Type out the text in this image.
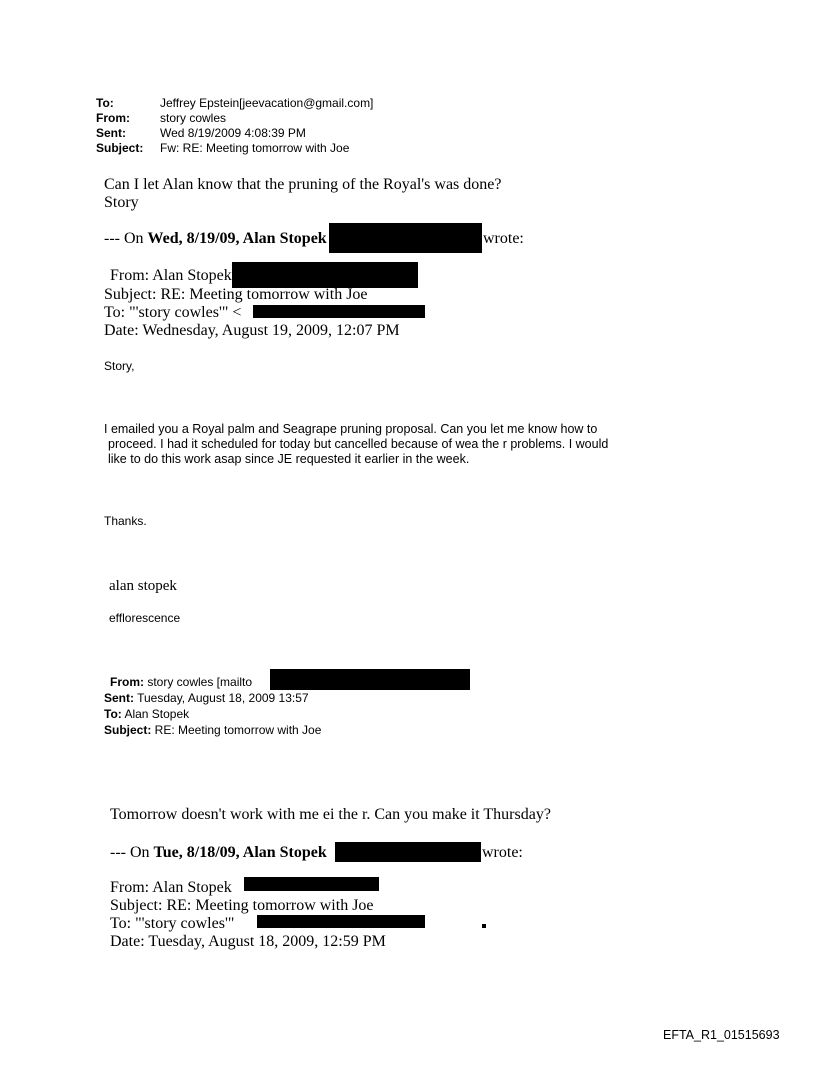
To:	Jeffrey Epstein[jeevacation@gmail.com]
From:	story cowles
Sent:	Wed 8/19/2009 4:08:39 PM
Subject: Fw: RE: Meeting tomorrow with Joe
Can I let Alan know that the pruning of the Royal's was done?
Story
--- On Wed, 8/19/09, Alan Stopek	wrote:
From: Alan Stopek
Subject: RE: Meeting tomorrow with Joe
To: "'story cowles'" <
Date: Wednesday, August 19, 2009, 12:07 PM
Story,
I emailed you a Royal palm and Seagrape pruning proposal. Can you let me know how to
proceed. I had it scheduled for today but cancelled because of wea the r problems. I would
like to do this work asap since JE requested it earlier in the week.
Thanks.
alan stopek
efflorescence
From: story cowles [mailto
Sent: Tuesday, August 18, 2009 13:57
To: Alan Stopek
Subject: RE: Meeting tomorrow with Joe
Tomorrow doesn't work with me ei the r. Can you make it Thursday?
--- On Tue, 8/18/09, Alan Stopek	wrote:
From: Alan Stopek
Subject: RE: Meeting tomorrow with Joe
To: "'story cowles'"
Date: Tuesday, August 18, 2009, 12:59 PM
EFTA_R1_01515693
